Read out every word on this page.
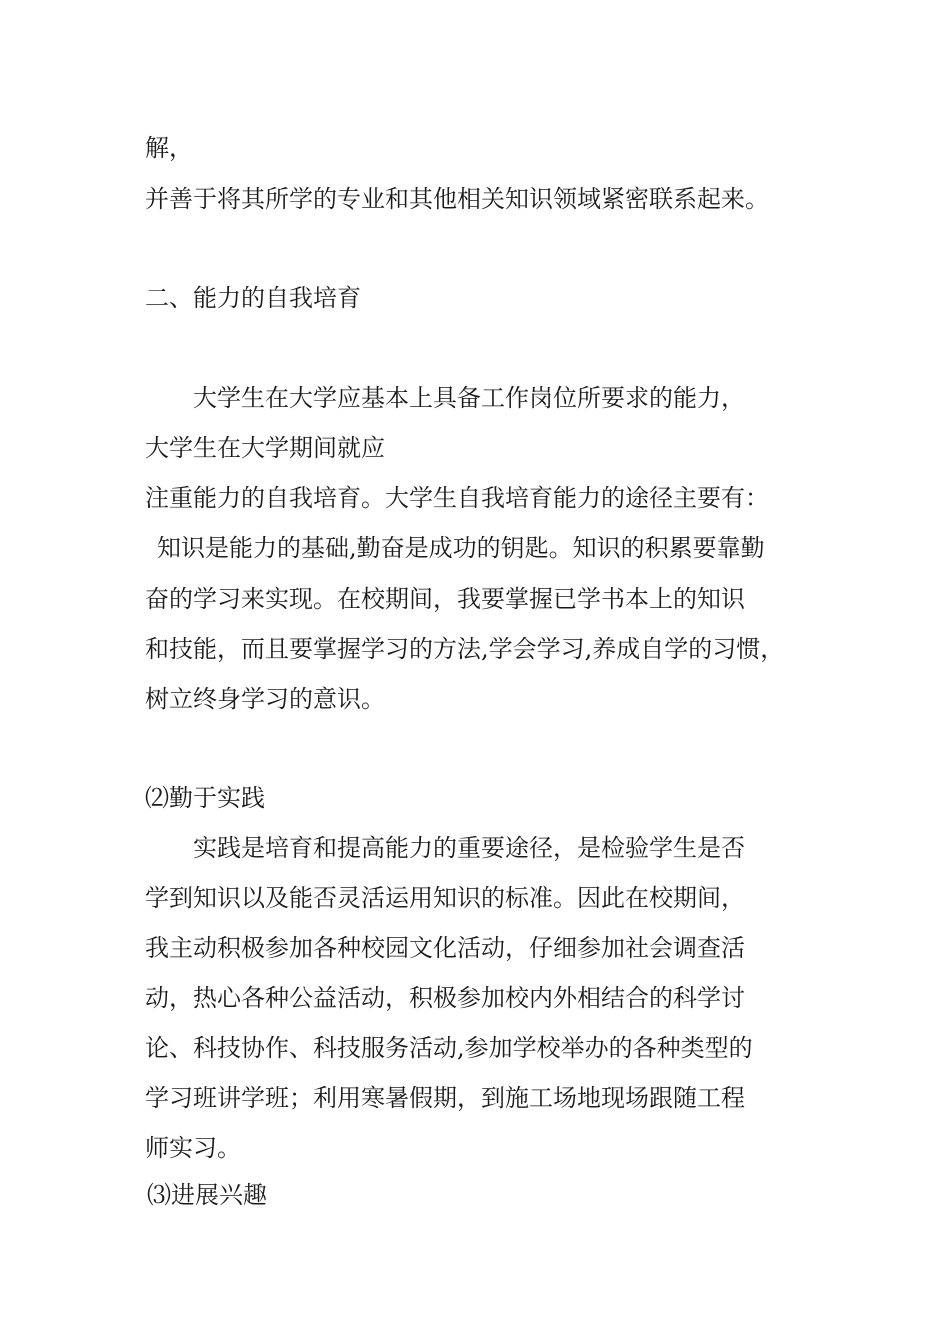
解，
并善于将其所学的专业和其他相关知识领域紧密联系起来。
二、能力的自我培育
大学生在大学应基本上具备工作岗位所要求的能力，
大学生在大学期间就应
注重能力的自我培育。大学生自我培育能力的途径主要有：
知识是能力的基础,勤奋是成功的钥匙。知识的积累要靠勤
奋的学习来实现。在校期间，我要掌握已学书本上的知识
和技能，而且要掌握学习的方法,学会学习,养成自学的习惯，
树立终身学习的意识。
⑵勤于实践
实践是培育和提高能力的重要途径，是检验学生是否
学到知识以及能否灵活运用知识的标准。因此在校期间，
我主动积极参加各种校园文化活动，仔细参加社会调查活
动，热心各种公益活动，积极参加校内外相结合的科学讨
论、科技协作、科技服务活动,参加学校举办的各种类型的
学习班讲学班；利用寒暑假期，到施工场地现场跟随工程
师实习。
⑶进展兴趣
